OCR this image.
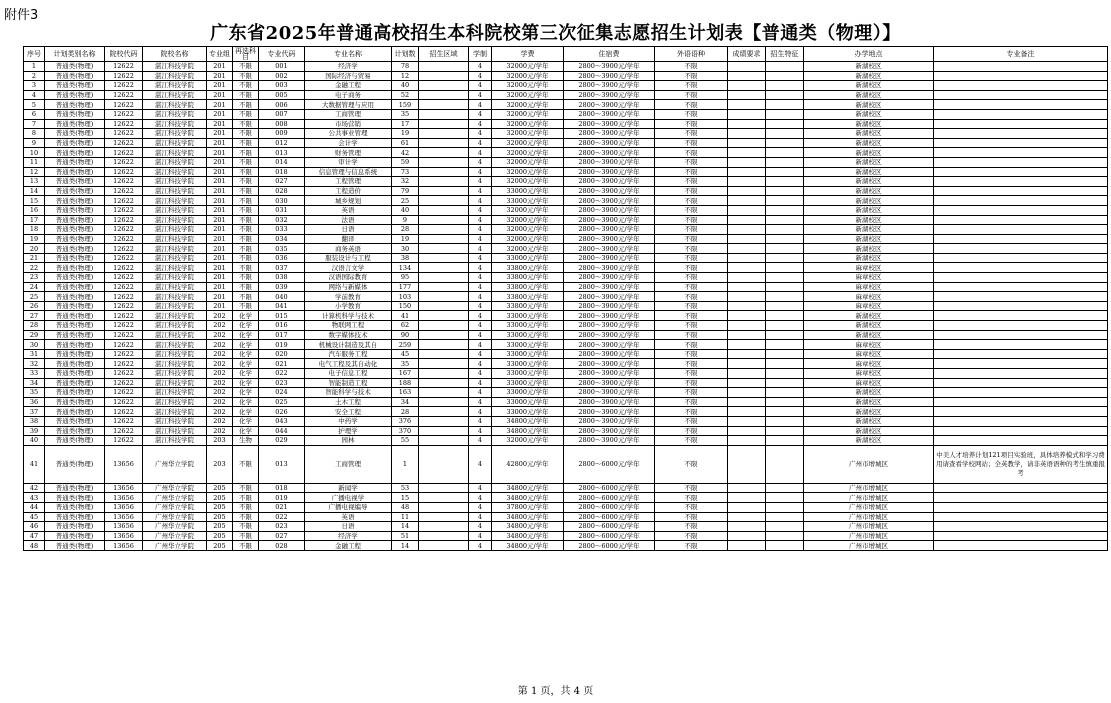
附件3
广东省2025年普通高校招生本科院校第三次征集志愿招生计划表【普通类（物理）】
序号	计划类别名称	院校代码	院校名称	专业组	再选科目	专业代码	专业名称	计划数	招生区域	学制	学费	住宿费	外语语种	成绩要求	招生特征	办学地点	专业备注
1	普通类(物理)	12622	湛江科技学院	201	不限	001	经济学	78		4	32000元/学年	2800～3900元/学年	不限			新湖校区	
2	普通类(物理)	12622	湛江科技学院	201	不限	002	国际经济与贸易	12		4	32000元/学年	2800～3900元/学年	不限			新湖校区	
3	普通类(物理)	12622	湛江科技学院	201	不限	003	金融工程	40		4	32000元/学年	2800～3900元/学年	不限			新湖校区	
4	普通类(物理)	12622	湛江科技学院	201	不限	005	电子商务	52		4	32000元/学年	2800～3900元/学年	不限			新湖校区	
5	普通类(物理)	12622	湛江科技学院	201	不限	006	大数据管理与应用	159		4	32000元/学年	2800～3900元/学年	不限			新湖校区	
6	普通类(物理)	12622	湛江科技学院	201	不限	007	工商管理	35		4	32000元/学年	2800～3900元/学年	不限			新湖校区	
7	普通类(物理)	12622	湛江科技学院	201	不限	008	市场营销	17		4	32000元/学年	2800～3900元/学年	不限			新湖校区	
8	普通类(物理)	12622	湛江科技学院	201	不限	009	公共事业管理	19		4	32000元/学年	2800～3900元/学年	不限			新湖校区	
9	普通类(物理)	12622	湛江科技学院	201	不限	012	会计学	61		4	32000元/学年	2800～3900元/学年	不限			新湖校区	
10	普通类(物理)	12622	湛江科技学院	201	不限	013	财务管理	42		4	32000元/学年	2800～3900元/学年	不限			新湖校区	
11	普通类(物理)	12622	湛江科技学院	201	不限	014	审计学	59		4	32000元/学年	2800～3900元/学年	不限			新湖校区	
12	普通类(物理)	12622	湛江科技学院	201	不限	018	信息管理与信息系统	73		4	32000元/学年	2800～3900元/学年	不限			新湖校区	
13	普通类(物理)	12622	湛江科技学院	201	不限	027	工程管理	32		4	32000元/学年	2800～3900元/学年	不限			新湖校区	
14	普通类(物理)	12622	湛江科技学院	201	不限	028	工程造价	79		4	33000元/学年	2800～3900元/学年	不限			新湖校区	
15	普通类(物理)	12622	湛江科技学院	201	不限	030	城乡规划	25		4	33000元/学年	2800～3900元/学年	不限			新湖校区	
16	普通类(物理)	12622	湛江科技学院	201	不限	031	英语	40		4	32000元/学年	2800～3900元/学年	不限			新湖校区	
17	普通类(物理)	12622	湛江科技学院	201	不限	032	法语	9		4	32000元/学年	2800～3900元/学年	不限			新湖校区	
18	普通类(物理)	12622	湛江科技学院	201	不限	033	日语	28		4	32000元/学年	2800～3900元/学年	不限			新湖校区	
19	普通类(物理)	12622	湛江科技学院	201	不限	034	翻译	19		4	32000元/学年	2800～3900元/学年	不限			新湖校区	
20	普通类(物理)	12622	湛江科技学院	201	不限	035	商务英语	30		4	32000元/学年	2800～3900元/学年	不限			新湖校区	
21	普通类(物理)	12622	湛江科技学院	201	不限	036	服装设计与工程	38		4	33000元/学年	2800～3900元/学年	不限			新湖校区	
22	普通类(物理)	12622	湛江科技学院	201	不限	037	汉语言文学	134		4	33800元/学年	2800～3900元/学年	不限			麻章校区	
23	普通类(物理)	12622	湛江科技学院	201	不限	038	汉语国际教育	95		4	33800元/学年	2800～3900元/学年	不限			麻章校区	
24	普通类(物理)	12622	湛江科技学院	201	不限	039	网络与新媒体	177		4	33800元/学年	2800～3900元/学年	不限			麻章校区	
25	普通类(物理)	12622	湛江科技学院	201	不限	040	学前教育	103		4	33800元/学年	2800～3900元/学年	不限			麻章校区	
26	普通类(物理)	12622	湛江科技学院	201	不限	041	小学教育	150		4	33800元/学年	2800～3900元/学年	不限			麻章校区	
27	普通类(物理)	12622	湛江科技学院	202	化学	015	计算机科学与技术	41		4	33000元/学年	2800～3900元/学年	不限			新湖校区	
28	普通类(物理)	12622	湛江科技学院	202	化学	016	物联网工程	62		4	33000元/学年	2800～3900元/学年	不限			新湖校区	
29	普通类(物理)	12622	湛江科技学院	202	化学	017	数字媒体技术	90		4	33000元/学年	2800～3900元/学年	不限			新湖校区	
30	普通类(物理)	12622	湛江科技学院	202	化学	019	机械设计制造及其自	259		4	33000元/学年	2800～3900元/学年	不限			麻章校区	
31	普通类(物理)	12622	湛江科技学院	202	化学	020	汽车服务工程	45		4	33000元/学年	2800～3900元/学年	不限			麻章校区	
32	普通类(物理)	12622	湛江科技学院	202	化学	021	电气工程及其自动化	35		4	33000元/学年	2800～3900元/学年	不限			麻章校区	
33	普通类(物理)	12622	湛江科技学院	202	化学	022	电子信息工程	167		4	33000元/学年	2800～3900元/学年	不限			麻章校区	
34	普通类(物理)	12622	湛江科技学院	202	化学	023	智能制造工程	188		4	33000元/学年	2800～3900元/学年	不限			麻章校区	
35	普通类(物理)	12622	湛江科技学院	202	化学	024	智能科学与技术	163		4	33000元/学年	2800～3900元/学年	不限			新湖校区	
36	普通类(物理)	12622	湛江科技学院	202	化学	025	土木工程	34		4	33000元/学年	2800～3900元/学年	不限			新湖校区	
37	普通类(物理)	12622	湛江科技学院	202	化学	026	安全工程	28		4	33000元/学年	2800～3900元/学年	不限			新湖校区	
38	普通类(物理)	12622	湛江科技学院	202	化学	043	中药学	376		4	34800元/学年	2800～3900元/学年	不限			新湖校区	
39	普通类(物理)	12622	湛江科技学院	202	化学	044	护理学	370		4	34800元/学年	2800～3900元/学年	不限			新湖校区	
40	普通类(物理)	12622	湛江科技学院	203	生物	029	园林	55		4	32000元/学年	2800～3900元/学年	不限			新湖校区	
41	普通类(物理)	13656	广州华立学院	203	不限	013	工商管理	1		4	42800元/学年	2800～6000元/学年	不限			广州市增城区	中美人才培养计划121项目实验班，具体培养模式和学习费用请查看学校网站；全英教学，请非英语语种的考生慎重报考
42	普通类(物理)	13656	广州华立学院	205	不限	018	新闻学	53		4	34800元/学年	2800～6000元/学年	不限			广州市增城区	
43	普通类(物理)	13656	广州华立学院	205	不限	019	广播电视学	15		4	34800元/学年	2800～6000元/学年	不限			广州市增城区	
44	普通类(物理)	13656	广州华立学院	205	不限	021	广播电视编导	48		4	37800元/学年	2800～6000元/学年	不限			广州市增城区	
45	普通类(物理)	13656	广州华立学院	205	不限	022	英语	11		4	34800元/学年	2800～6000元/学年	不限			广州市增城区	
46	普通类(物理)	13656	广州华立学院	205	不限	023	日语	14		4	34800元/学年	2800～6000元/学年	不限			广州市增城区	
47	普通类(物理)	13656	广州华立学院	205	不限	027	经济学	51		4	34800元/学年	2800～6000元/学年	不限			广州市增城区	
48	普通类(物理)	13656	广州华立学院	205	不限	028	金融工程	14		4	34800元/学年	2800～6000元/学年	不限			广州市增城区	
第 1 页，共 4 页
